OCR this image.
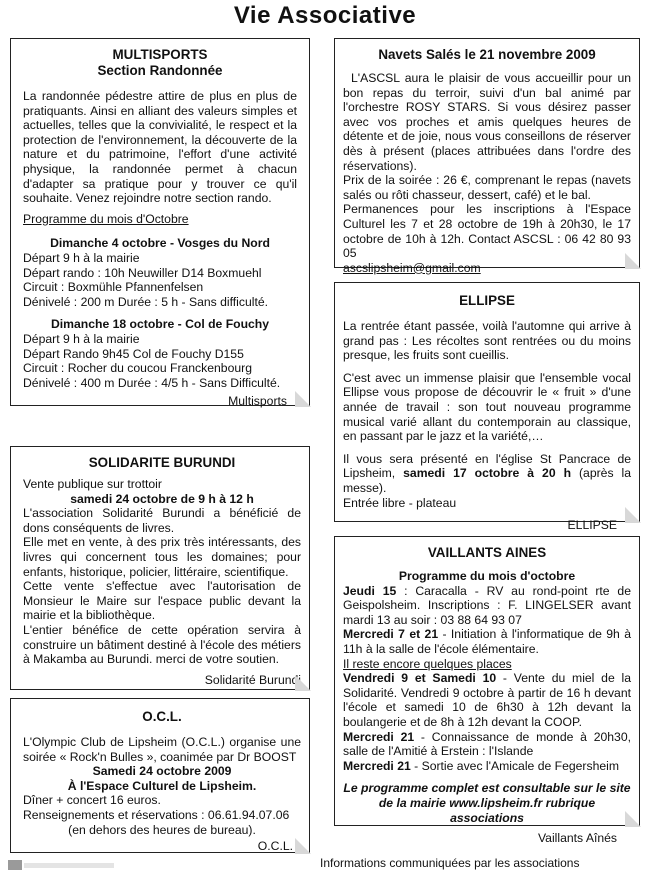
Vie Associative

MULTISPORTS

Section Randonnée

La randonnée pédestre attire de plus en plus de pratiquants. Ainsi en alliant des valeurs simples et actuelles, telles que la convivialité, le respect et la protection de l'environnement, la découverte de la nature et du patrimoine, l'effort d'une activité physique, la randonnée permet à chacun d'adapter sa pratique pour y trouver ce qu'il souhaite. Venez rejoindre notre section rando.

Programme du mois d'Octobre

Dimanche 4 octobre - Vosges du Nord

Départ 9 h à la mairie

Départ rando : 10h Neuwiller D14 Boxmuehl

Circuit : Boxmühle Pfannenfelsen

Dénivelé : 200 m Durée : 5 h - Sans difficulté.

Dimanche 18 octobre - Col de Fouchy

Départ 9 h à la mairie

Départ Rando 9h45 Col de Fouchy D155

Circuit : Rocher du coucou Franckenbourg

Dénivelé : 400 m Durée : 4/5 h - Sans Difficulté.

Multisports

SOLIDARITE BURUNDI

Vente publique sur trottoir

samedi 24 octobre de 9 h à 12 h

L'association Solidarité Burundi a bénéficié de dons conséquents de livres.

Elle met en vente, à des prix très intéressants, des livres qui concernent tous les domaines; pour enfants, historique, policier, littéraire, scientifique.

Cette vente s'effectue avec l'autorisation de Monsieur le Maire sur l'espace public devant la mairie et la bibliothèque.

L'entier bénéfice de cette opération servira à construire un bâtiment destiné à l'école des métiers à Makamba au Burundi. merci de votre soutien.

Solidarité Burundi

O.C.L.

L'Olympic Club de Lipsheim (O.C.L.) organise une soirée « Rock'n Bulles », coanimée par Dr BOOST

Samedi 24 octobre 2009

À l'Espace Culturel de Lipsheim.

Dîner + concert 16 euros.

Renseignements et réservations : 06.61.94.07.06

(en dehors des heures de bureau).

O.C.L.

Navets Salés le 21 novembre 2009

L'ASCSL aura le plaisir de vous accueillir pour un bon repas du terroir, suivi d'un bal animé par l'orchestre ROSY STARS. Si vous désirez passer avec vos proches et amis quelques heures de détente et de joie, nous vous conseillons de réserver dès à présent (places attribuées dans l'ordre des réservations).

Prix de la soirée : 26 €, comprenant le repas (navets salés ou rôti chasseur, dessert, café) et le bal.

Permanences pour les inscriptions à l'Espace Culturel les 7 et 28 octobre de 19h à 20h30, le 17 octobre de 10h à 12h. Contact ASCSL : 06 42 80 93 05

ascslipsheim@gmail.com

ELLIPSE

La rentrée étant passée, voilà l'automne qui arrive à grand pas : Les récoltes sont rentrées ou du moins presque, les fruits sont cueillis.

C'est avec un immense plaisir que l'ensemble vocal Ellipse vous propose de découvrir le « fruit » d'une année de travail : son tout nouveau programme musical varié allant du contemporain au classique, en passant par le jazz et la variété,…

Il vous sera présenté en l'église St Pancrace de Lipsheim, samedi 17 octobre à 20 h (après la messe).

Entrée libre - plateau

ELLIPSE

VAILLANTS AINES

Programme du mois d'octobre

Jeudi 15 : Caracalla - RV au rond-point rte de Geispolsheim. Inscriptions : F. LINGELSER avant mardi 13 au soir : 03 88 64 93 07

Mercredi 7 et 21 - Initiation à l'informatique de 9h à 11h à la salle de l'école élémentaire.

Il reste encore quelques places

Vendredi 9 et Samedi 10 - Vente du miel de la Solidarité. Vendredi 9 octobre à partir de 16 h devant l'école et samedi 10 de 6h30 à 12h devant la boulangerie et de 8h à 12h devant la COOP.

Mercredi 21 - Connaissance de monde à 20h30, salle de l'Amitié à Erstein : l'Islande

Mercredi 21 - Sortie avec l'Amicale de Fegersheim

Le programme complet est consultable sur le site de la mairie www.lipsheim.fr rubrique associations

Vaillants Aînés

Informations communiquées par les associations
